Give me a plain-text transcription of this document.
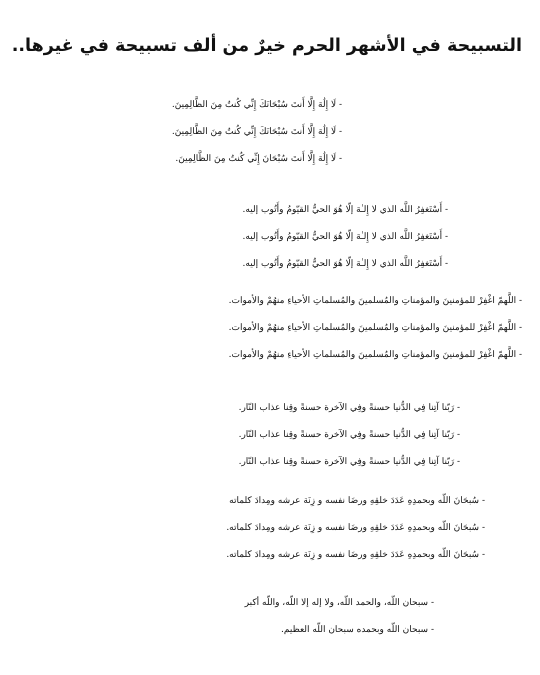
التسبيحة في الأشهر الحرم خيرٌ من ألف تسبيحة في غيرها..
- لَا إِلَٰهَ إِلَّا أَنتَ سُبْحَانَكَ إِنِّي كُنتُ مِنَ الظَّالِمِينَ.
- لَا إِلَٰهَ إِلَّا أَنتَ سُبْحَانَكَ إِنِّي كُنتُ مِنَ الظَّالِمِينَ.
- لَا إِلَٰهَ إِلَّا أَنتَ سُبْحَانَ إِنِّي كُنتُ مِنَ الظَّالِمِينَ.
- أَسْتَغفِرُ اللَّه الذي لا إِلـٰهَ إلّا هُوَ الحيُّ القيّومُ وأَتُوب إليه.
- أَسْتَغفِرُ اللَّه الذي لا إِلـٰهَ إلّا هُوَ الحيُّ القيّومُ وأَتُوب إليه.
- أَسْتَغفِرُ اللَّه الذي لا إِلـٰهَ إلّا هُوَ الحيُّ القيّومُ وأَتُوب إليه.
- اللَّهمّ اغْفِرْ للمؤمنينَ والمؤمناتِ والمُسلمينَ والمُسلماتِ الأحياءِ منهُمْ والأموات.
- اللَّهمّ اغْفِرْ للمؤمنينَ والمؤمناتِ والمُسلمينَ والمُسلماتِ الأحياءِ منهُمْ والأموات.
- اللَّهمّ اغْفِرْ للمؤمنينَ والمؤمناتِ والمُسلمينَ والمُسلماتِ الأحياءِ منهُمْ والأموات.
- رَبّنا آتِنا فِي الدُّنيا حسنةً وفِي الآخرة حسنةً وقِنا عذاب النّار.
- رَبّنا آتِنا فِي الدُّنيا حسنةً وفِي الآخرة حسنةً وقِنا عذاب النّار.
- رَبّنا آتِنا فِي الدُّنيا حسنةً وفِي الآخرة حسنةً وقِنا عذاب النّار.
- سُبحَانَ اللّه وبحمدِهِ عَدَدَ خلقِهِ ورضَا نفسه و زِنَة عرشه ومِدادَ كلماته
- سُبحَانَ اللّه وبحمدِهِ عَدَدَ خلقِهِ ورضَا نفسه و زِنَة عرشه ومِدادَ كلماته.
- سُبحَانَ اللّه وبحمدِهِ عَدَدَ خلقِهِ ورضَا نفسه و زِنَة عرشه ومِدادَ كلماته.
- سبحان اللّه، والحمد اللّه، ولا إله إلا اللّه، واللّه أكبر
- سبحان اللّه وبحمده سبحان اللّه العظيم.
